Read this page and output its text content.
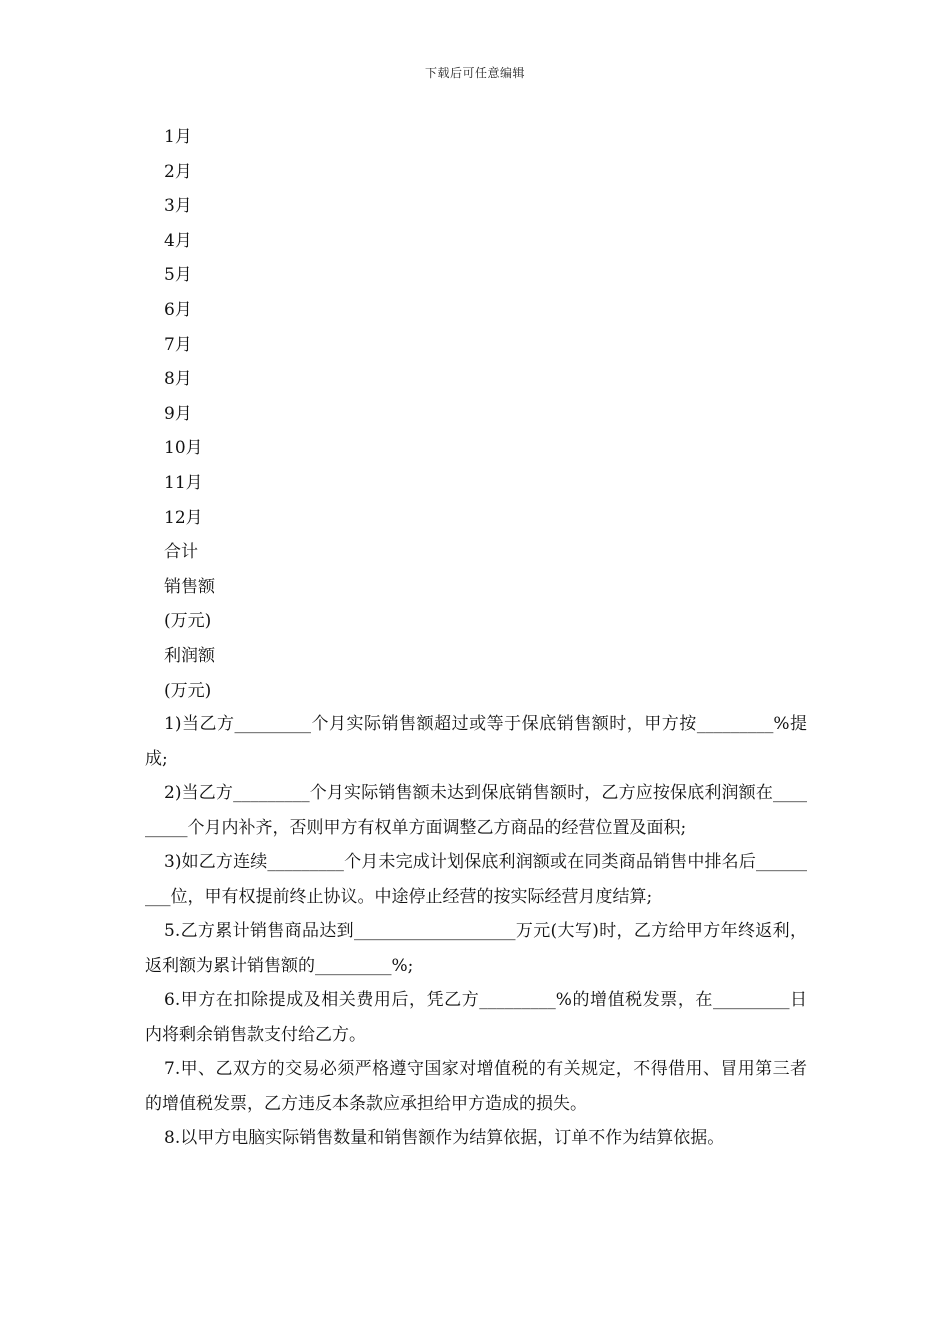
下载后可任意编辑
1月
2月
3月
4月
5月
6月
7月
8月
9月
10月
11月
12月
合计
销售额
(万元)
利润额
(万元)
1)当乙方_________个月实际销售额超过或等于保底销售额时，甲方按_________%提成;
2)当乙方_________个月实际销售额未达到保底销售额时，乙方应按保底利润额在_________个月内补齐，否则甲方有权单方面调整乙方商品的经营位置及面积;
3)如乙方连续_________个月未完成计划保底利润额或在同类商品销售中排名后_________位，甲有权提前终止协议。中途停止经营的按实际经营月度结算;
5.乙方累计销售商品达到___________________万元(大写)时，乙方给甲方年终返利，返利额为累计销售额的_________%;
6.甲方在扣除提成及相关费用后，凭乙方_________%的增值税发票，在_________日内将剩余销售款支付给乙方。
7.甲、乙双方的交易必须严格遵守国家对增值税的有关规定，不得借用、冒用第三者的增值税发票，乙方违反本条款应承担给甲方造成的损失。
8.以甲方电脑实际销售数量和销售额作为结算依据，订单不作为结算依据。
